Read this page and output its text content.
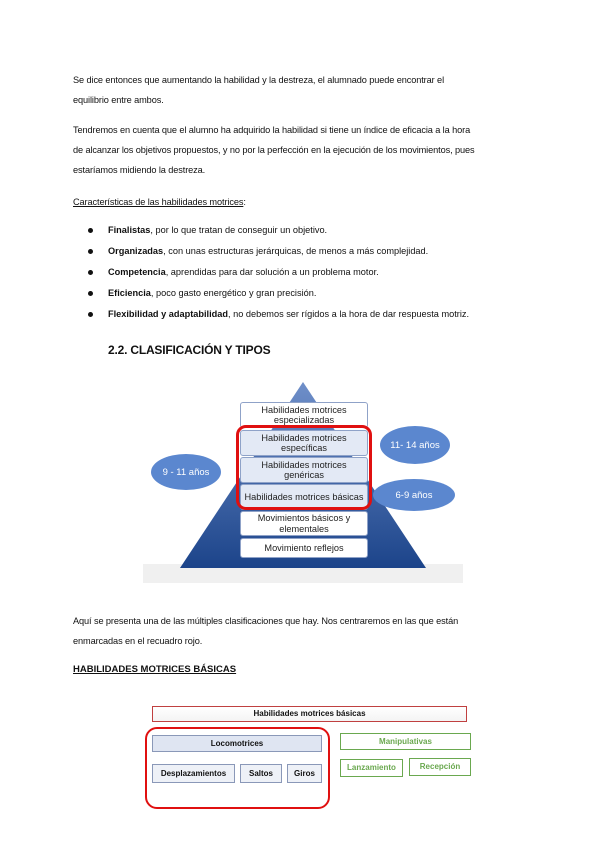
Se dice entonces que aumentando la habilidad y la destreza, el alumnado puede encontrar el
equilibrio entre ambos.
Tendremos en cuenta que el alumno ha adquirido la habilidad si tiene un índice de eficacia a la hora
de alcanzar los objetivos propuestos, y no por la perfección en la ejecución de los movimientos, pues
estaríamos midiendo la destreza.
Características de las habilidades motrices:
Finalistas, por lo que tratan de conseguir un objetivo.
Organizadas, con unas estructuras jerárquicas, de menos a más complejidad.
Competencia, aprendidas para dar solución a un problema motor.
Eficiencia, poco gasto energético y gran precisión.
Flexibilidad y adaptabilidad, no debemos ser rígidos a la hora de dar respuesta motriz.
2.2. CLASIFICACIÓN Y TIPOS
Habilidades motrices especializadas
Habilidades motrices específicas
Habilidades motrices genéricas
Habilidades motrices básicas
Movimientos básicos y elementales
Movimiento reflejos
9 - 11 años
11- 14 años
6-9 años
Aquí se presenta una de las múltiples clasificaciones que hay. Nos centraremos en las que están
enmarcadas en el recuadro rojo.
HABILIDADES MOTRICES BÁSICAS
Habilidades motrices básicas
Locomotrices
Desplazamientos	Saltos	Giros
Manipulativas
Lanzamiento	Recepción
